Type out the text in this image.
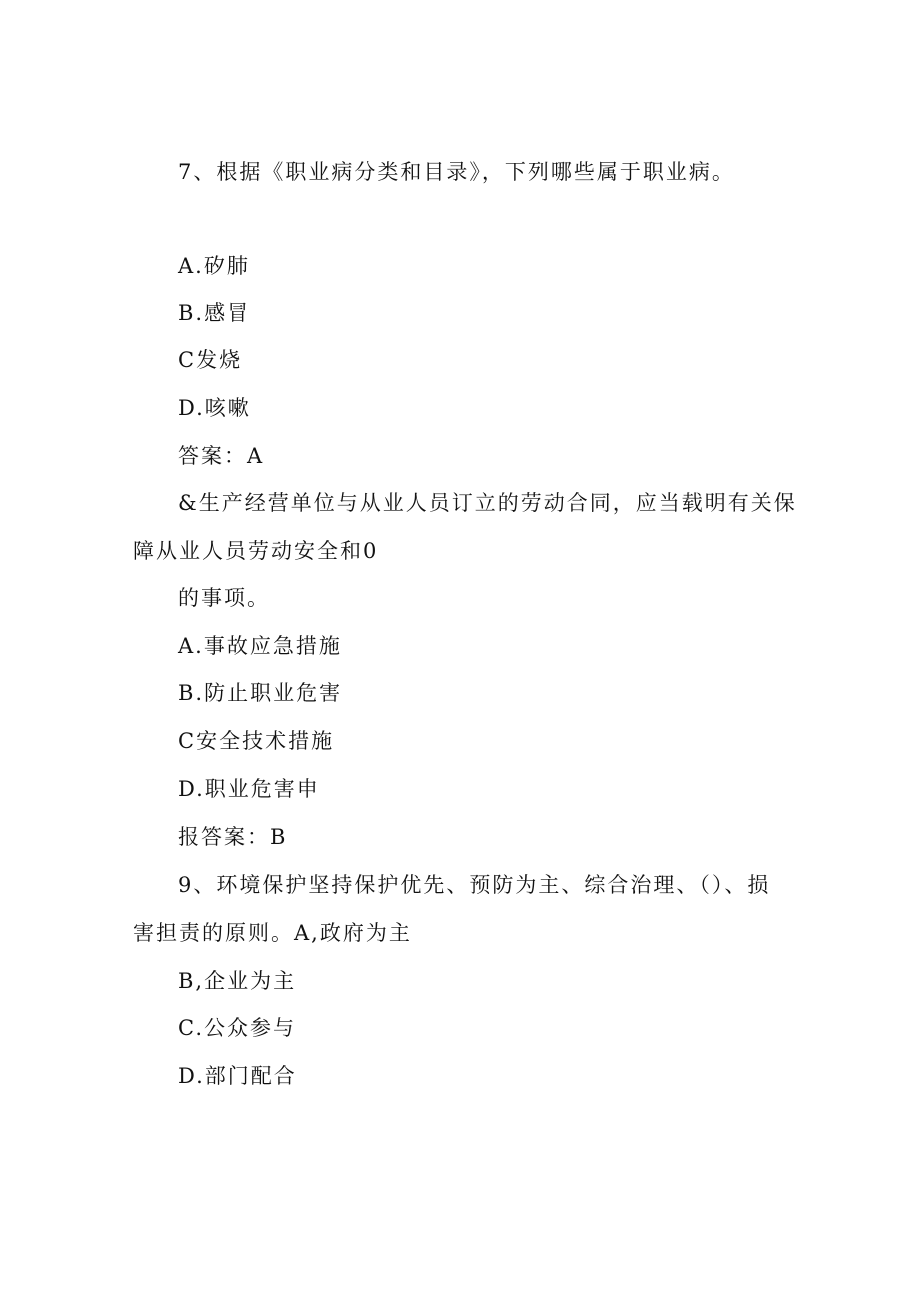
7、根据《职业病分类和目录》，下列哪些属于职业病。
A.矽肺
B.感冒
C发烧
D.咳嗽
答案：A
&生产经营单位与从业人员订立的劳动合同，应当载明有关保
障从业人员劳动安全和0
的事项。
A.事故应急措施
B.防止职业危害
C安全技术措施
D.职业危害申
报答案：B
9、环境保护坚持保护优先、预防为主、综合治理、（）、损
害担责的原则。A,政府为主
B,企业为主
C.公众参与
D.部门配合
